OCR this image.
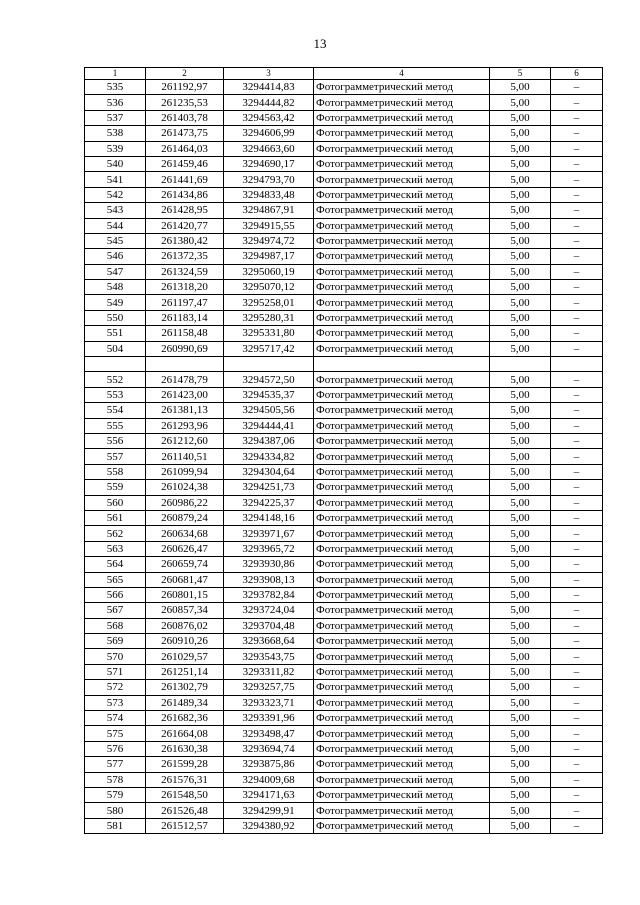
13
1	2	3	4	5	6
535	261192,97	3294414,83	Фотограмметрический метод	5,00	–
536	261235,53	3294444,82	Фотограмметрический метод	5,00	–
537	261403,78	3294563,42	Фотограмметрический метод	5,00	–
538	261473,75	3294606,99	Фотограмметрический метод	5,00	–
539	261464,03	3294663,60	Фотограмметрический метод	5,00	–
540	261459,46	3294690,17	Фотограмметрический метод	5,00	–
541	261441,69	3294793,70	Фотограмметрический метод	5,00	–
542	261434,86	3294833,48	Фотограмметрический метод	5,00	–
543	261428,95	3294867,91	Фотограмметрический метод	5,00	–
544	261420,77	3294915,55	Фотограмметрический метод	5,00	–
545	261380,42	3294974,72	Фотограмметрический метод	5,00	–
546	261372,35	3294987,17	Фотограмметрический метод	5,00	–
547	261324,59	3295060,19	Фотограмметрический метод	5,00	–
548	261318,20	3295070,12	Фотограмметрический метод	5,00	–
549	261197,47	3295258,01	Фотограмметрический метод	5,00	–
550	261183,14	3295280,31	Фотограмметрический метод	5,00	–
551	261158,48	3295331,80	Фотограмметрический метод	5,00	–
504	260990,69	3295717,42	Фотограмметрический метод	5,00	–

552	261478,79	3294572,50	Фотограмметрический метод	5,00	–
553	261423,00	3294535,37	Фотограмметрический метод	5,00	–
554	261381,13	3294505,56	Фотограмметрический метод	5,00	–
555	261293,96	3294444,41	Фотограмметрический метод	5,00	–
556	261212,60	3294387,06	Фотограмметрический метод	5,00	–
557	261140,51	3294334,82	Фотограмметрический метод	5,00	–
558	261099,94	3294304,64	Фотограмметрический метод	5,00	–
559	261024,38	3294251,73	Фотограмметрический метод	5,00	–
560	260986,22	3294225,37	Фотограмметрический метод	5,00	–
561	260879,24	3294148,16	Фотограмметрический метод	5,00	–
562	260634,68	3293971,67	Фотограмметрический метод	5,00	–
563	260626,47	3293965,72	Фотограмметрический метод	5,00	–
564	260659,74	3293930,86	Фотограмметрический метод	5,00	–
565	260681,47	3293908,13	Фотограмметрический метод	5,00	–
566	260801,15	3293782,84	Фотограмметрический метод	5,00	–
567	260857,34	3293724,04	Фотограмметрический метод	5,00	–
568	260876,02	3293704,48	Фотограмметрический метод	5,00	–
569	260910,26	3293668,64	Фотограмметрический метод	5,00	–
570	261029,57	3293543,75	Фотограмметрический метод	5,00	–
571	261251,14	3293311,82	Фотограмметрический метод	5,00	–
572	261302,79	3293257,75	Фотограмметрический метод	5,00	–
573	261489,34	3293323,71	Фотограмметрический метод	5,00	–
574	261682,36	3293391,96	Фотограмметрический метод	5,00	–
575	261664,08	3293498,47	Фотограмметрический метод	5,00	–
576	261630,38	3293694,74	Фотограмметрический метод	5,00	–
577	261599,28	3293875,86	Фотограмметрический метод	5,00	–
578	261576,31	3294009,68	Фотограмметрический метод	5,00	–
579	261548,50	3294171,63	Фотограмметрический метод	5,00	–
580	261526,48	3294299,91	Фотограмметрический метод	5,00	–
581	261512,57	3294380,92	Фотограмметрический метод	5,00	–
